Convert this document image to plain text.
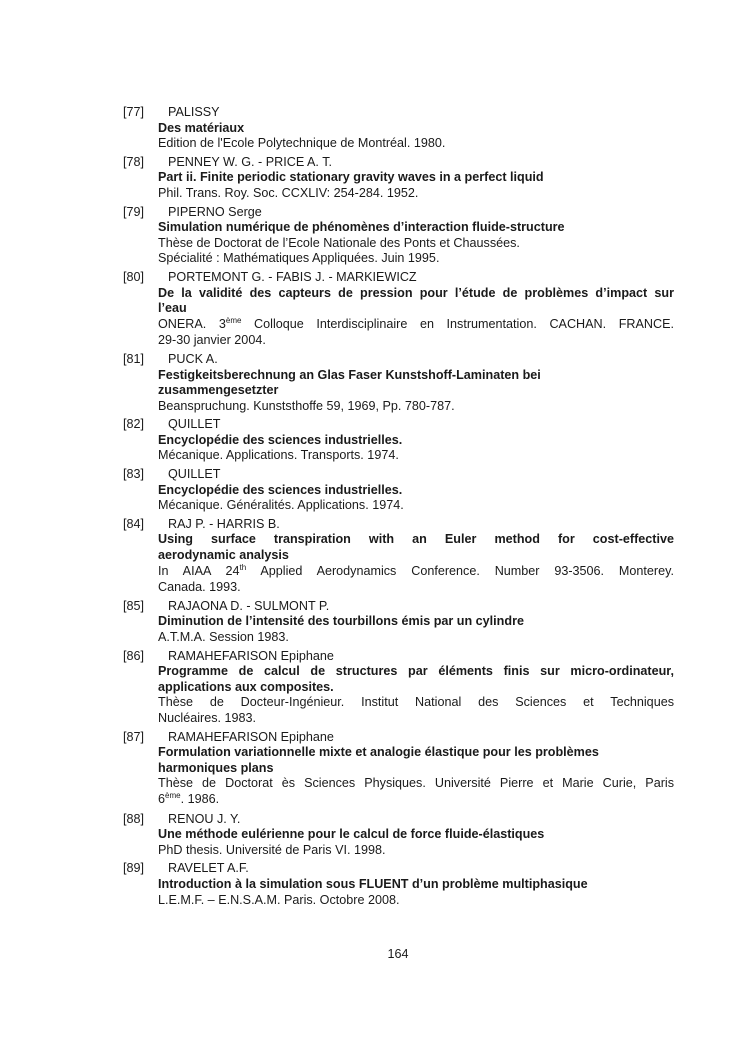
[77] PALISSY
Des matériaux
Edition de l'Ecole Polytechnique de Montréal. 1980.
[78] PENNEY W. G. - PRICE A. T.
Part ii. Finite periodic stationary gravity waves in a perfect liquid
Phil. Trans. Roy. Soc. CCXLIV: 254-284. 1952.
[79] PIPERNO Serge
Simulation numérique de phénomènes d’interaction fluide-structure
Thèse de Doctorat de l’Ecole Nationale des Ponts et Chaussées.
Spécialité : Mathématiques Appliquées. Juin 1995.
[80] PORTEMONT G. - FABIS J. - MARKIEWICZ
De la validité des capteurs de pression pour l’étude de problèmes d’impact sur
l’eau
ONERA. 3ème Colloque Interdisciplinaire en Instrumentation. CACHAN. FRANCE.
29-30 janvier 2004.
[81] PUCK A.
Festigkeitsberechnung an Glas Faser Kunstshoff-Laminaten bei
zusammengesetzter
Beanspruchung. Kunststhoffe 59, 1969, Pp. 780-787.
[82] QUILLET
Encyclopédie des sciences industrielles.
Mécanique. Applications. Transports. 1974.
[83] QUILLET
Encyclopédie des sciences industrielles.
Mécanique. Généralités. Applications. 1974.
[84] RAJ P. - HARRIS B.
Using surface transpiration with an Euler method for cost-effective
aerodynamic analysis
In AIAA 24th Applied Aerodynamics Conference. Number 93-3506. Monterey.
Canada. 1993.
[85] RAJAONA D. - SULMONT P.
Diminution de l’intensité des tourbillons émis par un cylindre
A.T.M.A. Session 1983.
[86] RAMAHEFARISON Epiphane
Programme de calcul de structures par éléments finis sur micro-ordinateur,
applications aux composites.
Thèse de Docteur-Ingénieur. Institut National des Sciences et Techniques
Nucléaires. 1983.
[87] RAMAHEFARISON Epiphane
Formulation variationnelle mixte et analogie élastique pour les problèmes
harmoniques plans
Thèse de Doctorat ès Sciences Physiques. Université Pierre et Marie Curie, Paris
6ème. 1986.
[88] RENOU J. Y.
Une méthode eulérienne pour le calcul de force fluide-élastiques
PhD thesis. Université de Paris VI. 1998.
[89] RAVELET A.F.
Introduction à la simulation sous FLUENT d’un problème multiphasique
L.E.M.F. – E.N.S.A.M. Paris. Octobre 2008.
164
